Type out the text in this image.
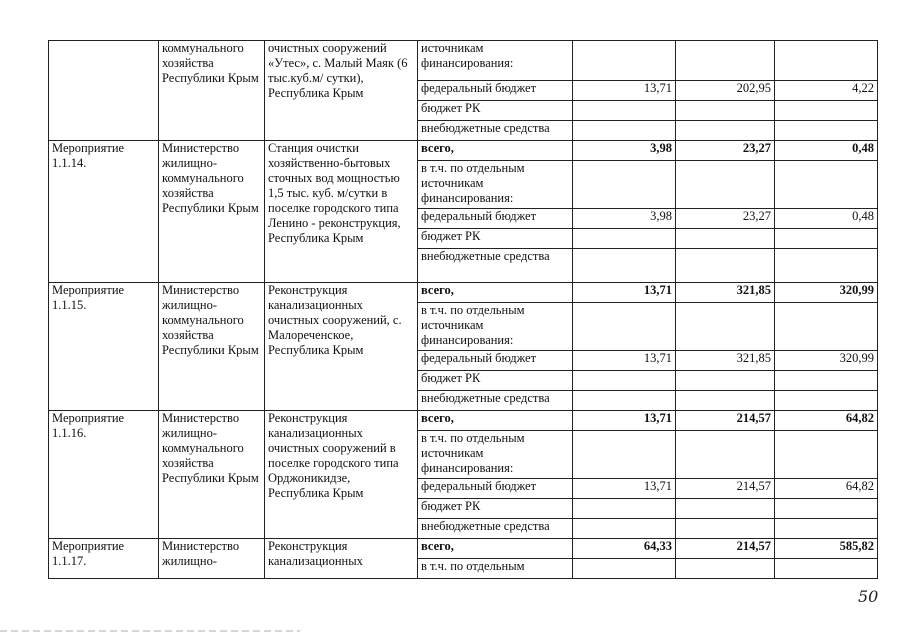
	коммунального хозяйства Республики Крым	очистных сооружений «Утес», с. Малый Маяк (6 тыс.куб.м/ сутки), Республика Крым	источникам финансирования:			
			федеральный бюджет	13,71	202,95	4,22
			бюджет РК			
			внебюджетные средства			
Мероприятие 1.1.14.	Министерство жилищно-коммунального хозяйства Республики Крым	Станция очистки хозяйственно-бытовых сточных вод мощностью 1,5 тыс. куб. м/сутки в поселке городского типа Ленино - реконструкция, Республика Крым	всего,	3,98	23,27	0,48
			в т.ч. по отдельным источникам финансирования:			
			федеральный бюджет	3,98	23,27	0,48
			бюджет РК			
			внебюджетные средства			
Мероприятие 1.1.15.	Министерство жилищно-коммунального хозяйства Республики Крым	Реконструкция канализационных очистных сооружений, с. Малореченское, Республика Крым	всего,	13,71	321,85	320,99
			в т.ч. по отдельным источникам финансирования:			
			федеральный бюджет	13,71	321,85	320,99
			бюджет РК			
			внебюджетные средства			
Мероприятие 1.1.16.	Министерство жилищно-коммунального хозяйства Республики Крым	Реконструкция канализационных очистных сооружений в поселке городского типа Орджоникидзе, Республика Крым	всего,	13,71	214,57	64,82
			в т.ч. по отдельным источникам финансирования:			
			федеральный бюджет	13,71	214,57	64,82
			бюджет РК			
			внебюджетные средства			
Мероприятие 1.1.17.	Министерство жилищно-	Реконструкция канализационных	всего,	64,33	214,57	585,82
			в т.ч. по отдельным			
50
